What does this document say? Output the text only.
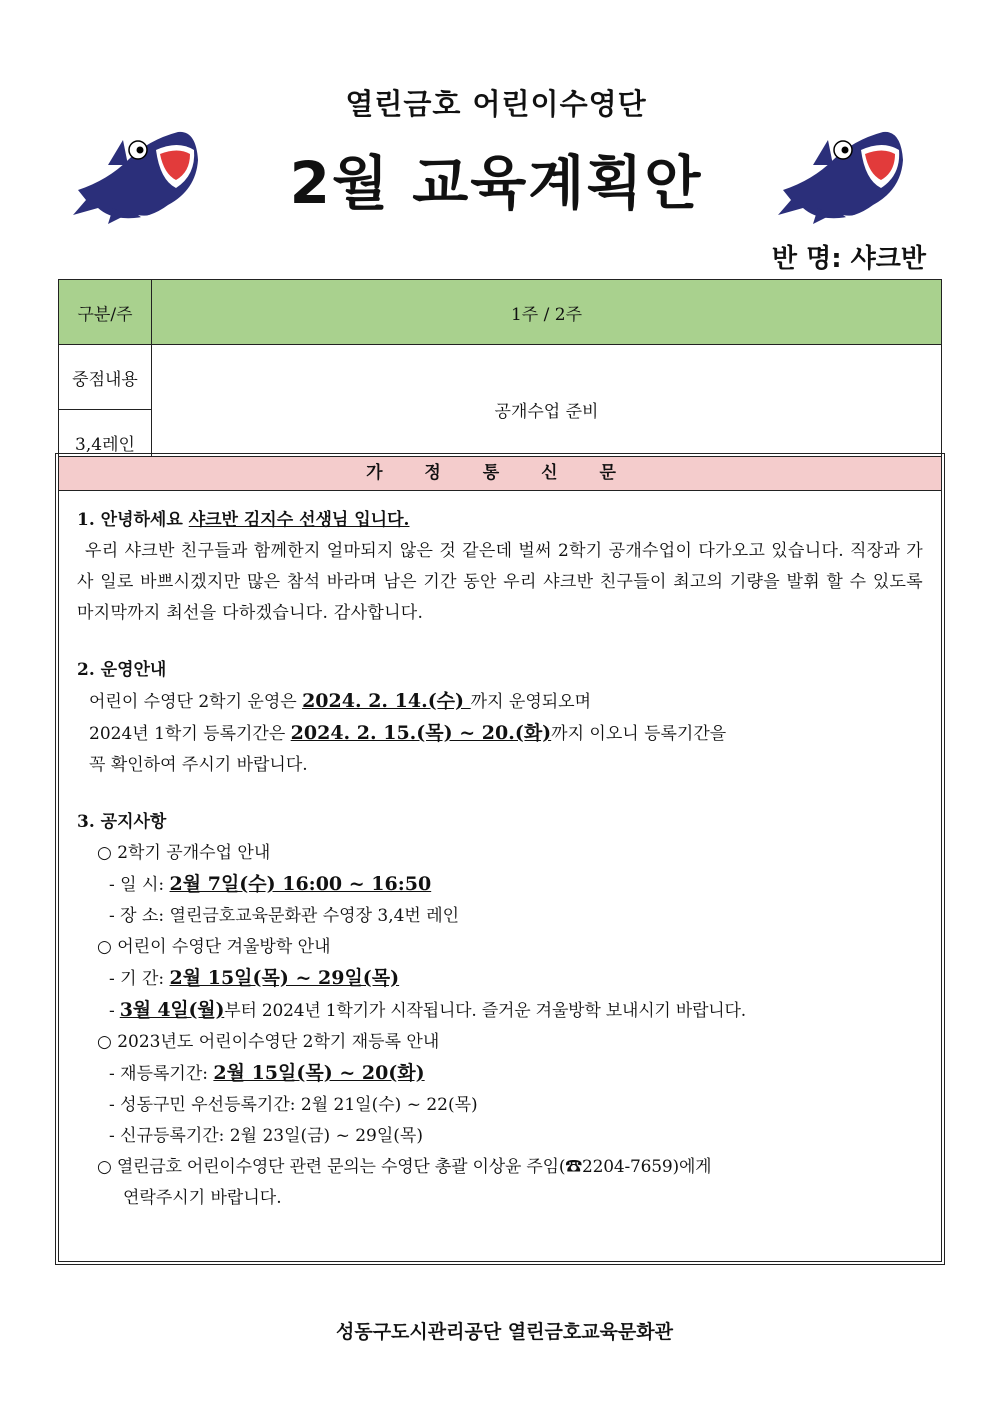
열린금호 어린이수영단
2월 교육계획안
반 명: 샤크반
구분/주	1주 / 2주
중점내용	공개수업 준비
3,4레인	
가 정 통 신 문
1. 안녕하세요 샤크반 김지수 선생님 입니다.
우리 샤크반 친구들과 함께한지 얼마되지 않은 것 같은데 벌써 2학기 공개수업이 다가오고 있습니다. 직장과 가사 일로 바쁘시겠지만 많은 참석 바라며 남은 기간 동안 우리 샤크반 친구들이 최고의 기량을 발휘 할 수 있도록 마지막까지 최선을 다하겠습니다. 감사합니다.
2. 운영안내
어린이 수영단 2학기 운영은 2024. 2. 14.(수) 까지 운영되오며
2024년 1학기 등록기간은 2024. 2. 15.(목) ~ 20.(화)까지 이오니 등록기간을
꼭 확인하여 주시기 바랍니다.
3. 공지사항
○ 2학기 공개수업 안내
- 일 시: 2월 7일(수) 16:00 ~ 16:50
- 장 소: 열린금호교육문화관 수영장 3,4번 레인
○ 어린이 수영단 겨울방학 안내
- 기 간: 2월 15일(목) ~ 29일(목)
- 3월 4일(월)부터 2024년 1학기가 시작됩니다. 즐거운 겨울방학 보내시기 바랍니다.
○ 2023년도 어린이수영단 2학기 재등록 안내
- 재등록기간: 2월 15일(목) ~ 20(화)
- 성동구민 우선등록기간: 2월 21일(수) ~ 22(목)
- 신규등록기간: 2월 23일(금) ~ 29일(목)
○ 열린금호 어린이수영단 관련 문의는 수영단 총괄 이상윤 주임(☎2204-7659)에게
연락주시기 바랍니다.
성동구도시관리공단 열린금호교육문화관
